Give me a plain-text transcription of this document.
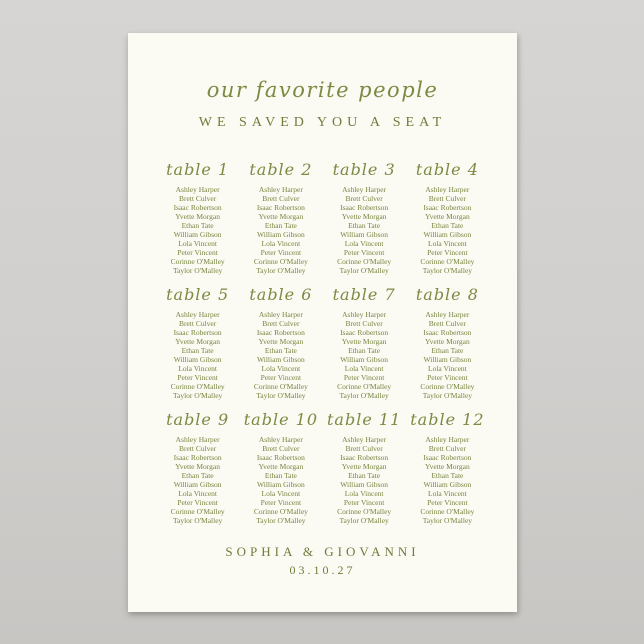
our favorite people
WE SAVED YOU A SEAT
table 1
Ashley Harper
Brett Culver
Isaac Robertson
Yvette Morgan
Ethan Tate
William Gibson
Lola Vincent
Peter Vincent
Corinne O'Malley
Taylor O'Malley
table 2
Ashley Harper
Brett Culver
Isaac Robertson
Yvette Morgan
Ethan Tate
William Gibson
Lola Vincent
Peter Vincent
Corinne O'Malley
Taylor O'Malley
table 3
Ashley Harper
Brett Culver
Isaac Robertson
Yvette Morgan
Ethan Tate
William Gibson
Lola Vincent
Peter Vincent
Corinne O'Malley
Taylor O'Malley
table 4
Ashley Harper
Brett Culver
Isaac Robertson
Yvette Morgan
Ethan Tate
William Gibson
Lola Vincent
Peter Vincent
Corinne O'Malley
Taylor O'Malley
table 5
Ashley Harper
Brett Culver
Isaac Robertson
Yvette Morgan
Ethan Tate
William Gibson
Lola Vincent
Peter Vincent
Corinne O'Malley
Taylor O'Malley
table 6
Ashley Harper
Brett Culver
Isaac Robertson
Yvette Morgan
Ethan Tate
William Gibson
Lola Vincent
Peter Vincent
Corinne O'Malley
Taylor O'Malley
table 7
Ashley Harper
Brett Culver
Isaac Robertson
Yvette Morgan
Ethan Tate
William Gibson
Lola Vincent
Peter Vincent
Corinne O'Malley
Taylor O'Malley
table 8
Ashley Harper
Brett Culver
Isaac Robertson
Yvette Morgan
Ethan Tate
William Gibson
Lola Vincent
Peter Vincent
Corinne O'Malley
Taylor O'Malley
table 9
Ashley Harper
Brett Culver
Isaac Robertson
Yvette Morgan
Ethan Tate
William Gibson
Lola Vincent
Peter Vincent
Corinne O'Malley
Taylor O'Malley
table 10
Ashley Harper
Brett Culver
Isaac Robertson
Yvette Morgan
Ethan Tate
William Gibson
Lola Vincent
Peter Vincent
Corinne O'Malley
Taylor O'Malley
table 11
Ashley Harper
Brett Culver
Isaac Robertson
Yvette Morgan
Ethan Tate
William Gibson
Lola Vincent
Peter Vincent
Corinne O'Malley
Taylor O'Malley
table 12
Ashley Harper
Brett Culver
Isaac Robertson
Yvette Morgan
Ethan Tate
William Gibson
Lola Vincent
Peter Vincent
Corinne O'Malley
Taylor O'Malley
SOPHIA & GIOVANNI
03.10.27
